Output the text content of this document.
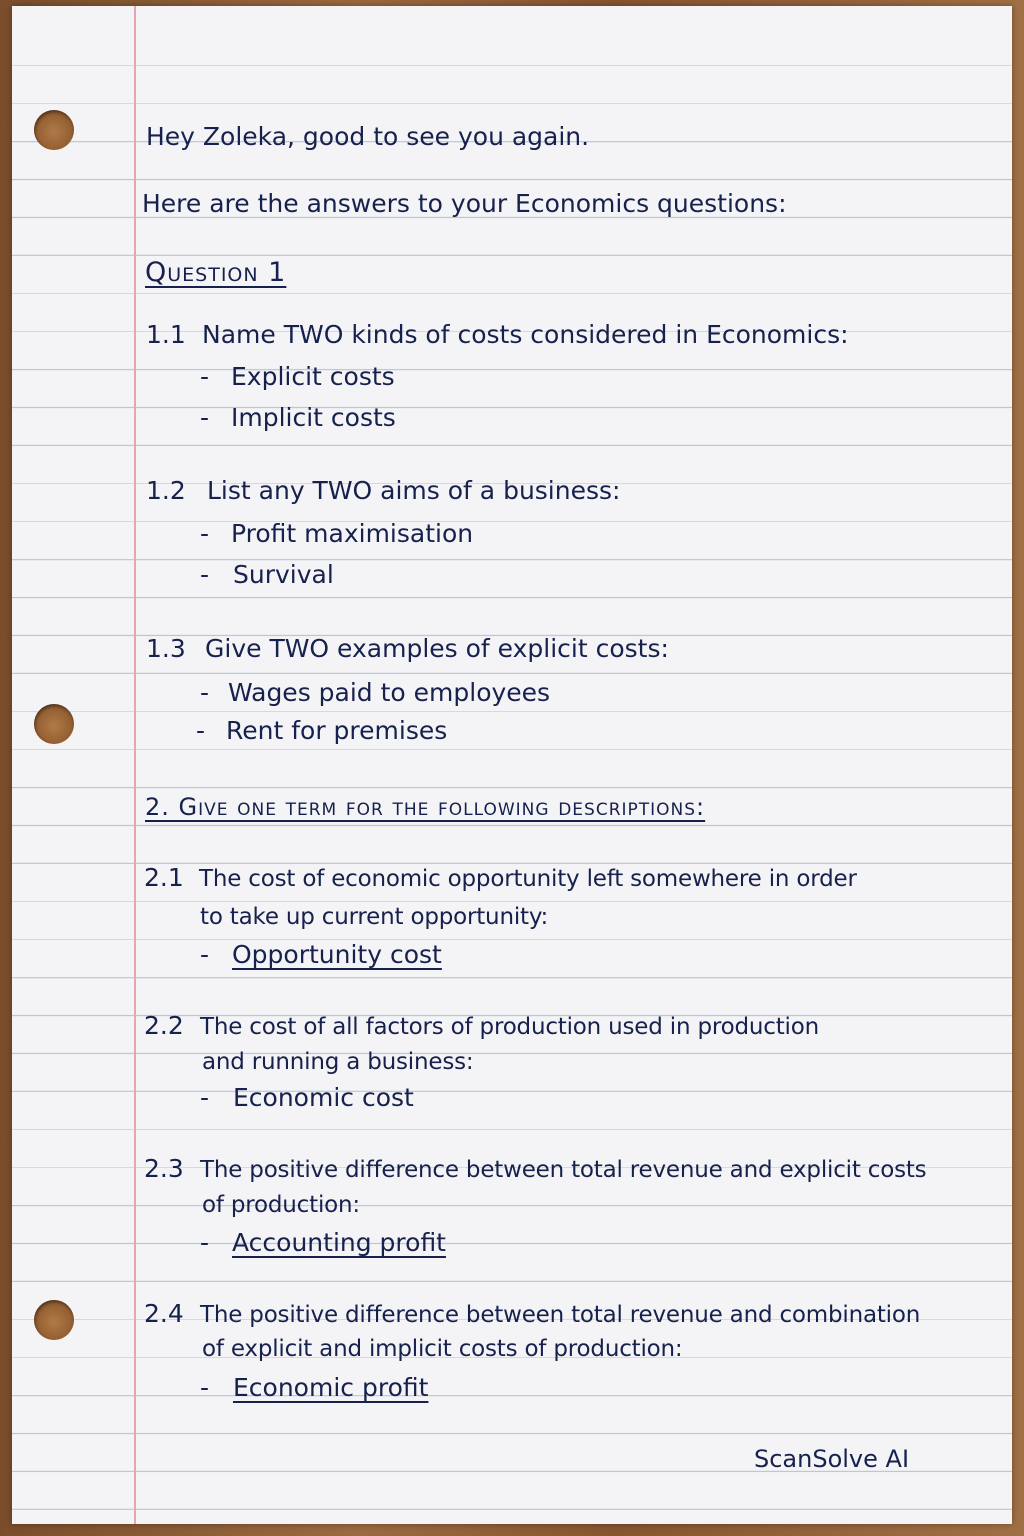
Hey Zoleka, good to see you again.

Here are the answers to your Economics questions:

Question 1

1.1 Name TWO kinds of costs considered in Economics:

- Explicit costs

- Implicit costs

1.2 List any TWO aims of a business:

- Profit maximisation

- Survival

1.3 Give TWO examples of explicit costs:

- Wages paid to employees

- Rent for premises

2. Give one term for the following descriptions:

2.1 The cost of economic opportunity left somewhere in order

to take up current opportunity:

- Opportunity cost

2.2 The cost of all factors of production used in production

and running a business:

- Economic cost

2.3 The positive difference between total revenue and explicit costs

of production:

- Accounting profit

2.4 The positive difference between total revenue and combination

of explicit and implicit costs of production:

- Economic profit

ScanSolve AI
